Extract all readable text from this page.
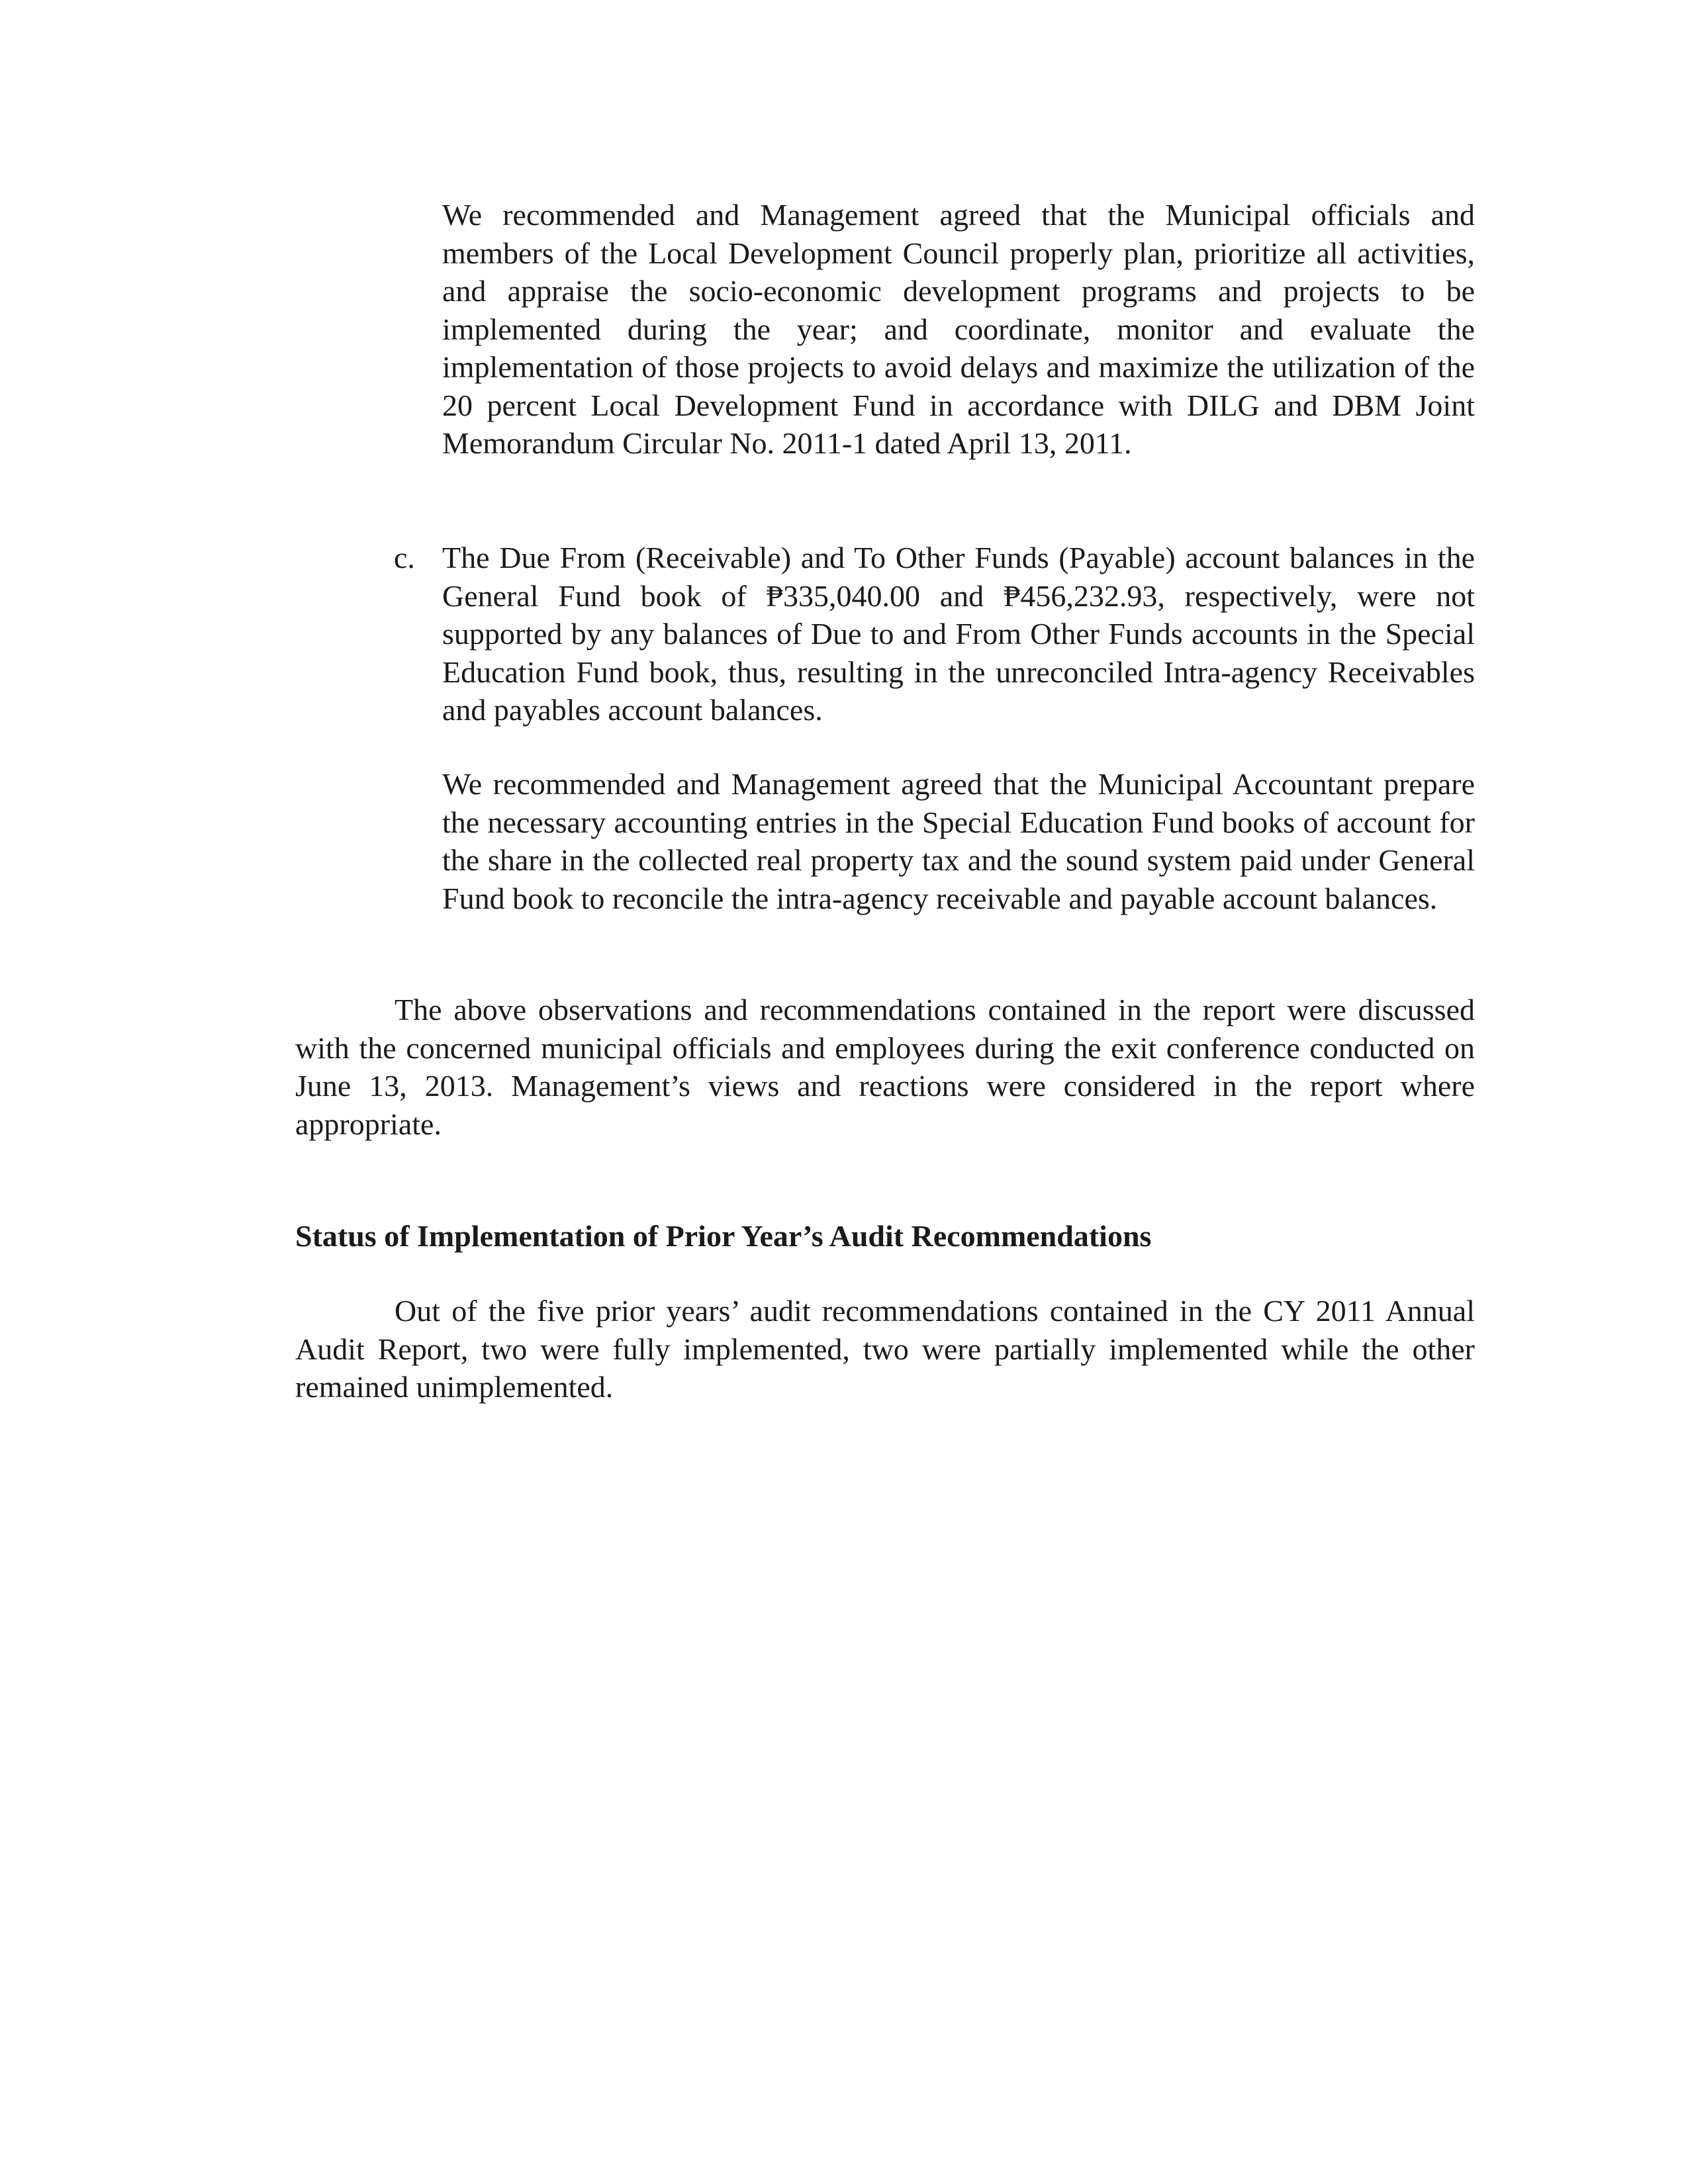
We recommended and Management agreed that the Municipal officials and members of the Local Development Council properly plan, prioritize all activities, and appraise the socio-economic development programs and projects to be implemented during the year; and coordinate, monitor and evaluate the implementation of those projects to avoid delays and maximize the utilization of the 20 percent Local Development Fund in accordance with DILG and DBM Joint Memorandum Circular No. 2011-1 dated April 13, 2011.

c. The Due From (Receivable) and To Other Funds (Payable) account balances in the General Fund book of ₱335,040.00 and ₱456,232.93, respectively, were not supported by any balances of Due to and From Other Funds accounts in the Special Education Fund book, thus, resulting in the unreconciled Intra-agency Receivables and payables account balances.

We recommended and Management agreed that the Municipal Accountant prepare the necessary accounting entries in the Special Education Fund books of account for the share in the collected real property tax and the sound system paid under General Fund book to reconcile the intra-agency receivable and payable account balances.

The above observations and recommendations contained in the report were discussed with the concerned municipal officials and employees during the exit conference conducted on June 13, 2013. Management’s views and reactions were considered in the report where appropriate.

Status of Implementation of Prior Year’s Audit Recommendations

Out of the five prior years’ audit recommendations contained in the CY 2011 Annual Audit Report, two were fully implemented, two were partially implemented while the other remained unimplemented.
